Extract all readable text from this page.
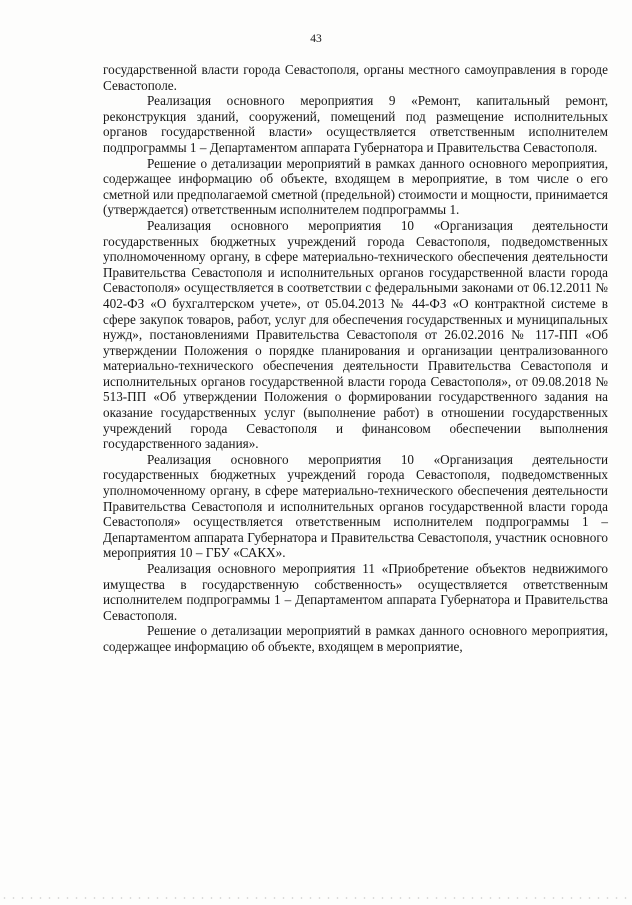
43

государственной власти города Севастополя, органы местного самоуправления в городе Севастополе.

Реализация основного мероприятия 9 «Ремонт, капитальный ремонт, реконструкция зданий, сооружений, помещений под размещение исполнительных органов государственной власти» осуществляется ответственным исполнителем подпрограммы 1 – Департаментом аппарата Губернатора и Правительства Севастополя.

Решение о детализации мероприятий в рамках данного основного мероприятия, содержащее информацию об объекте, входящем в мероприятие, в том числе о его сметной или предполагаемой сметной (предельной) стоимости и мощности, принимается (утверждается) ответственным исполнителем подпрограммы 1.

Реализация основного мероприятия 10 «Организация деятельности государственных бюджетных учреждений города Севастополя, подведомственных уполномоченному органу, в сфере материально-технического обеспечения деятельности Правительства Севастополя и исполнительных органов государственной власти города Севастополя» осуществляется в соответствии с федеральными законами от 06.12.2011 № 402-ФЗ «О бухгалтерском учете», от 05.04.2013 № 44-ФЗ «О контрактной системе в сфере закупок товаров, работ, услуг для обеспечения государственных и муниципальных нужд», постановлениями Правительства Севастополя от 26.02.2016 № 117-ПП «Об утверждении Положения о порядке планирования и организации централизованного материально-технического обеспечения деятельности Правительства Севастополя и исполнительных органов государственной власти города Севастополя», от 09.08.2018 № 513-ПП «Об утверждении Положения о формировании государственного задания на оказание государственных услуг (выполнение работ) в отношении государственных учреждений города Севастополя и финансовом обеспечении выполнения государственного задания».

Реализация основного мероприятия 10 «Организация деятельности государственных бюджетных учреждений города Севастополя, подведомственных уполномоченному органу, в сфере материально-технического обеспечения деятельности Правительства Севастополя и исполнительных органов государственной власти города Севастополя» осуществляется ответственным исполнителем подпрограммы 1 – Департаментом аппарата Губернатора и Правительства Севастополя, участник основного мероприятия 10 – ГБУ «САКХ».

Реализация основного мероприятия 11 «Приобретение объектов недвижимого имущества в государственную собственность» осуществляется ответственным исполнителем подпрограммы 1 – Департаментом аппарата Губернатора и Правительства Севастополя.

Решение о детализации мероприятий в рамках данного основного мероприятия, содержащее информацию об объекте, входящем в мероприятие,
